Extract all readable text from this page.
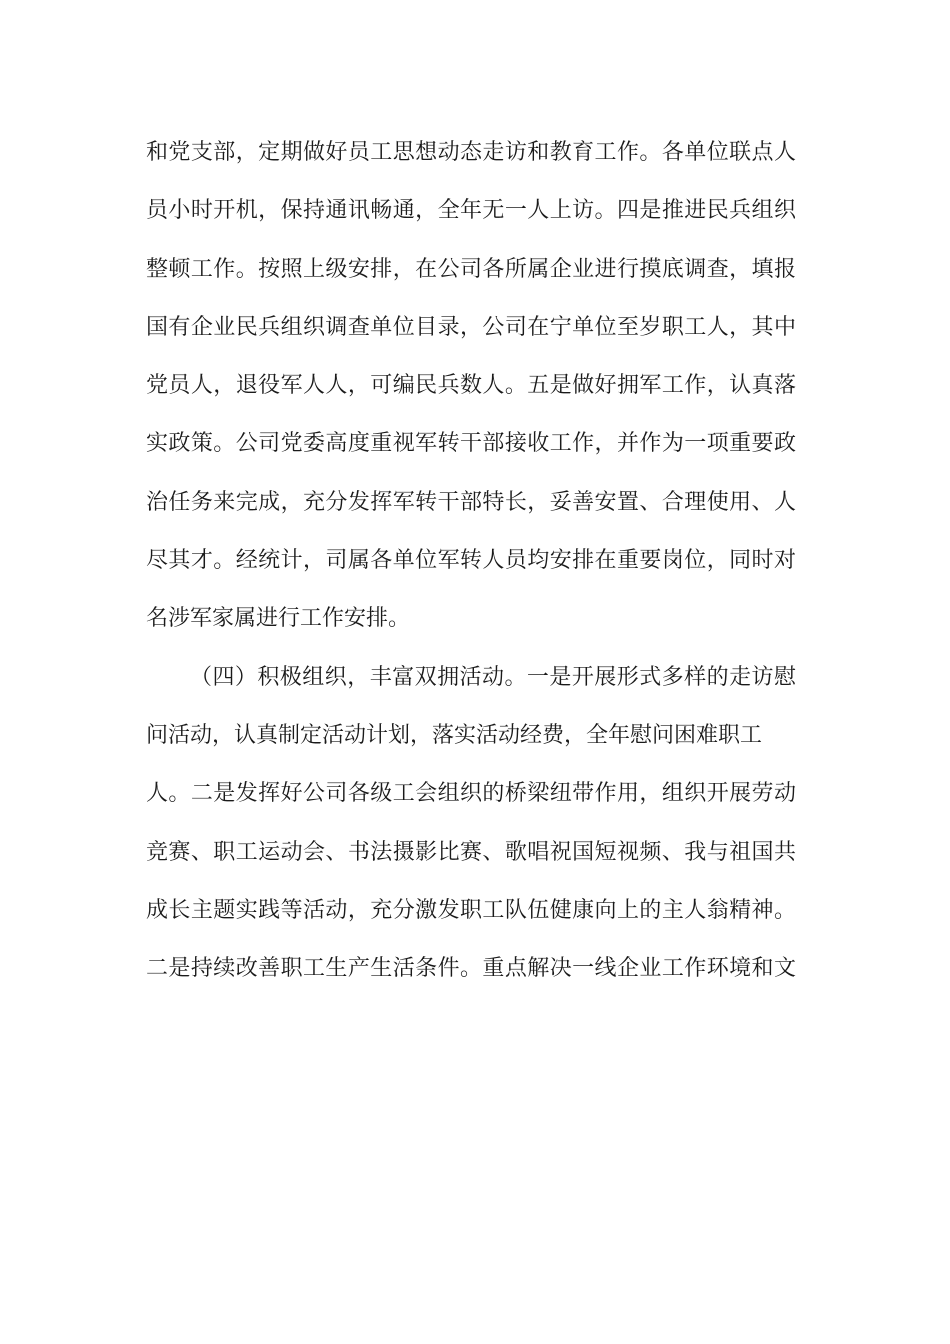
和党支部，定期做好员工思想动态走访和教育工作。各单位联点人
员小时开机，保持通讯畅通，全年无一人上访。四是推进民兵组织
整顿工作。按照上级安排，在公司各所属企业进行摸底调查，填报
国有企业民兵组织调查单位目录，公司在宁单位至岁职工人，其中
党员人，退役军人人，可编民兵数人。五是做好拥军工作，认真落
实政策。公司党委高度重视军转干部接收工作，并作为一项重要政
治任务来完成，充分发挥军转干部特长，妥善安置、合理使用、人
尽其才。经统计，司属各单位军转人员均安排在重要岗位，同时对
名涉军家属进行工作安排。
（四）积极组织，丰富双拥活动。一是开展形式多样的走访慰
问活动，认真制定活动计划，落实活动经费，全年慰问困难职工
人。二是发挥好公司各级工会组织的桥梁纽带作用，组织开展劳动
竞赛、职工运动会、书法摄影比赛、歌唱祝国短视频、我与祖国共
成长主题实践等活动，充分激发职工队伍健康向上的主人翁精神。
二是持续改善职工生产生活条件。重点解决一线企业工作环境和文
